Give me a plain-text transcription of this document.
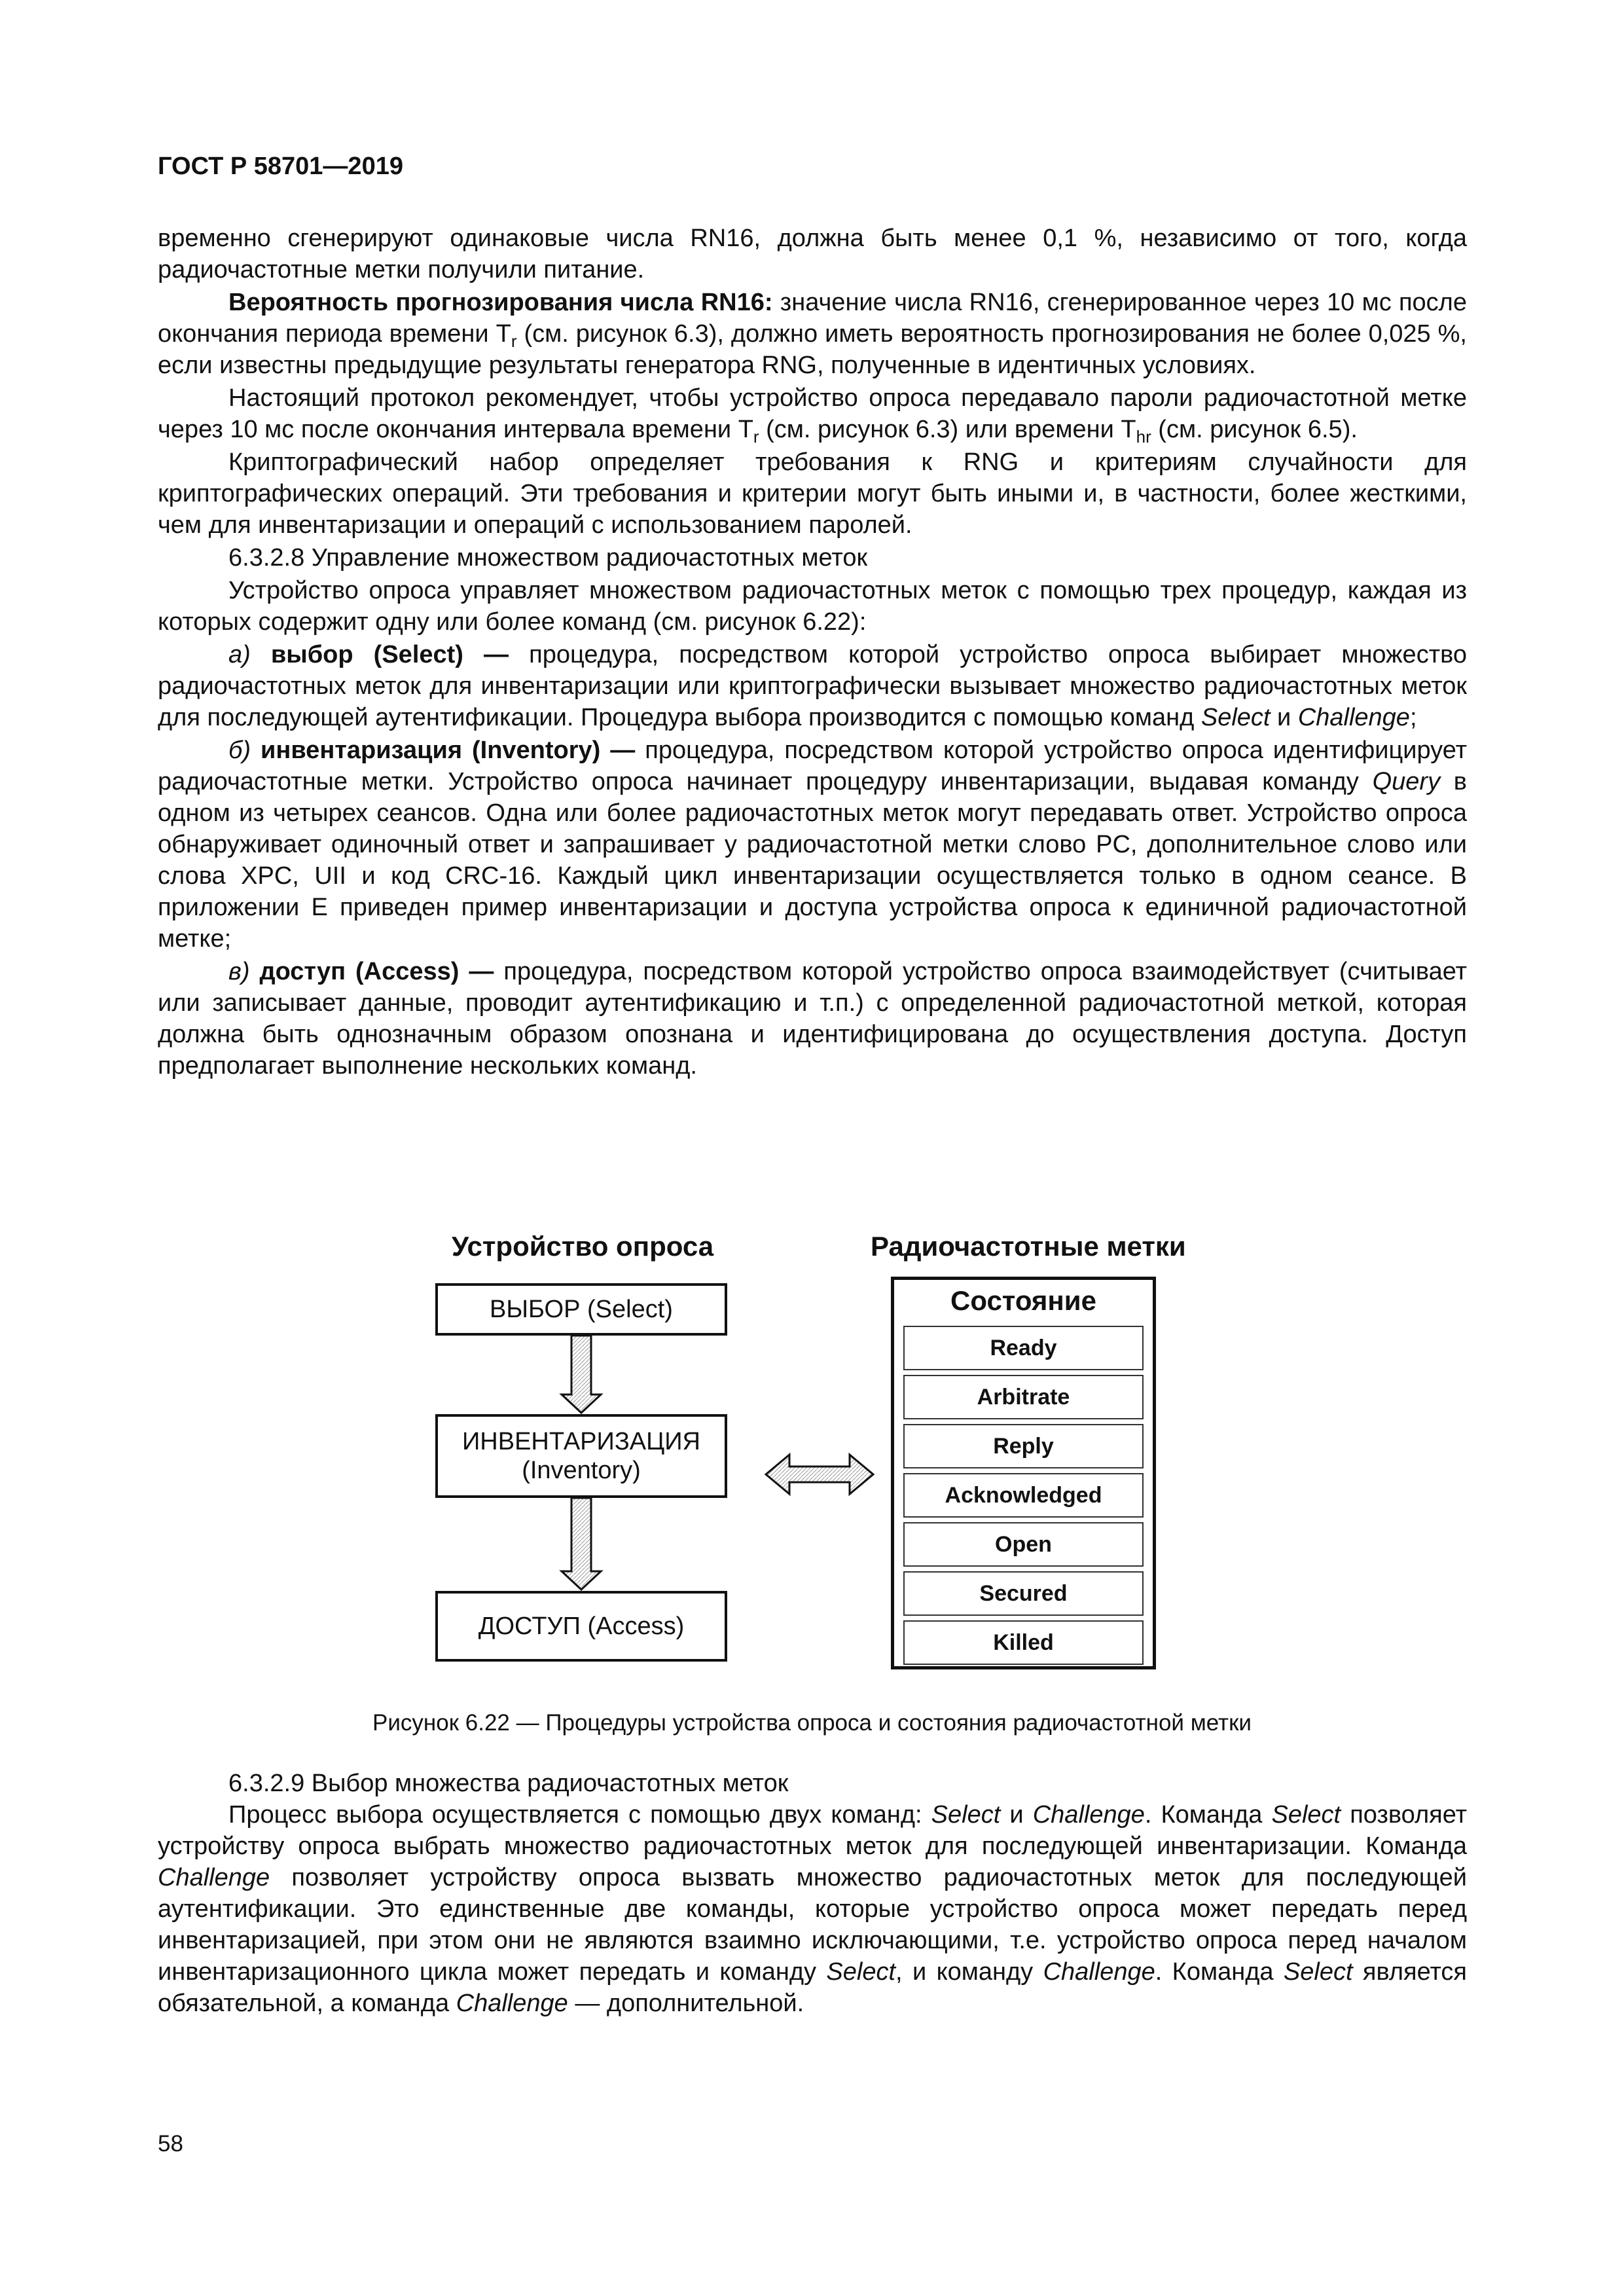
ГОСТ Р 58701—2019

временно сгенерируют одинаковые числа RN16, должна быть менее 0,1 %, независимо от того, когда радиочастотные метки получили питание.

Вероятность прогнозирования числа RN16: значение числа RN16, сгенерированное через 10 мс после окончания периода времени $T_r$ (см. рисунок 6.3), должно иметь вероятность прогнозирования не более 0,025 %, если известны предыдущие результаты генератора RNG, полученные в идентичных условиях.

Настоящий протокол рекомендует, чтобы устройство опроса передавало пароли радиочастотной метке через 10 мс после окончания интервала времени $T_r$ (см. рисунок 6.3) или времени $T_{hr}$ (см. рисунок 6.5).

Криптографический набор определяет требования к RNG и критериям случайности для криптографических операций. Эти требования и критерии могут быть иными и, в частности, более жесткими, чем для инвентаризации и операций с использованием паролей.

6.3.2.8 Управление множеством радиочастотных меток

Устройство опроса управляет множеством радиочастотных меток с помощью трех процедур, каждая из которых содержит одну или более команд (см. рисунок 6.22):

а) выбор (Select) — процедура, посредством которой устройство опроса выбирает множество радиочастотных меток для инвентаризации или криптографически вызывает множество радиочастотных меток для последующей аутентификации. Процедура выбора производится с помощью команд Select и Challenge;

б) инвентаризация (Inventory) — процедура, посредством которой устройство опроса идентифицирует радиочастотные метки. Устройство опроса начинает процедуру инвентаризации, выдавая команду Query в одном из четырех сеансов. Одна или более радиочастотных меток могут передавать ответ. Устройство опроса обнаруживает одиночный ответ и запрашивает у радиочастотной метки слово PC, дополнительное слово или слова XPC, UII и код CRC-16. Каждый цикл инвентаризации осуществляется только в одном сеансе. В приложении Е приведен пример инвентаризации и доступа устройства опроса к единичной радиочастотной метке;

в) доступ (Access) — процедура, посредством которой устройство опроса взаимодействует (считывает или записывает данные, проводит аутентификацию и т.п.) с определенной радиочастотной меткой, которая должна быть однозначным образом опознана и идентифицирована до осуществления доступа. Доступ предполагает выполнение нескольких команд.

Устройство опроса	Радиочастотные метки
ВЫБОР (Select)
ИНВЕНТАРИЗАЦИЯ (Inventory)
ДОСТУП (Access)
Состояние
Ready
Arbitrate
Reply
Acknowledged
Open
Secured
Killed
Рисунок 6.22 — Процедуры устройства опроса и состояния радиочастотной метки

6.3.2.9 Выбор множества радиочастотных меток

Процесс выбора осуществляется с помощью двух команд: Select и Challenge. Команда Select позволяет устройству опроса выбрать множество радиочастотных меток для последующей инвентаризации. Команда Challenge позволяет устройству опроса вызвать множество радиочастотных меток для последующей аутентификации. Это единственные две команды, которые устройство опроса может передать перед инвентаризацией, при этом они не являются взаимно исключающими, т.е. устройство опроса перед началом инвентаризационного цикла может передать и команду Select, и команду Challenge. Команда Select является обязательной, а команда Challenge — дополнительной.

58
